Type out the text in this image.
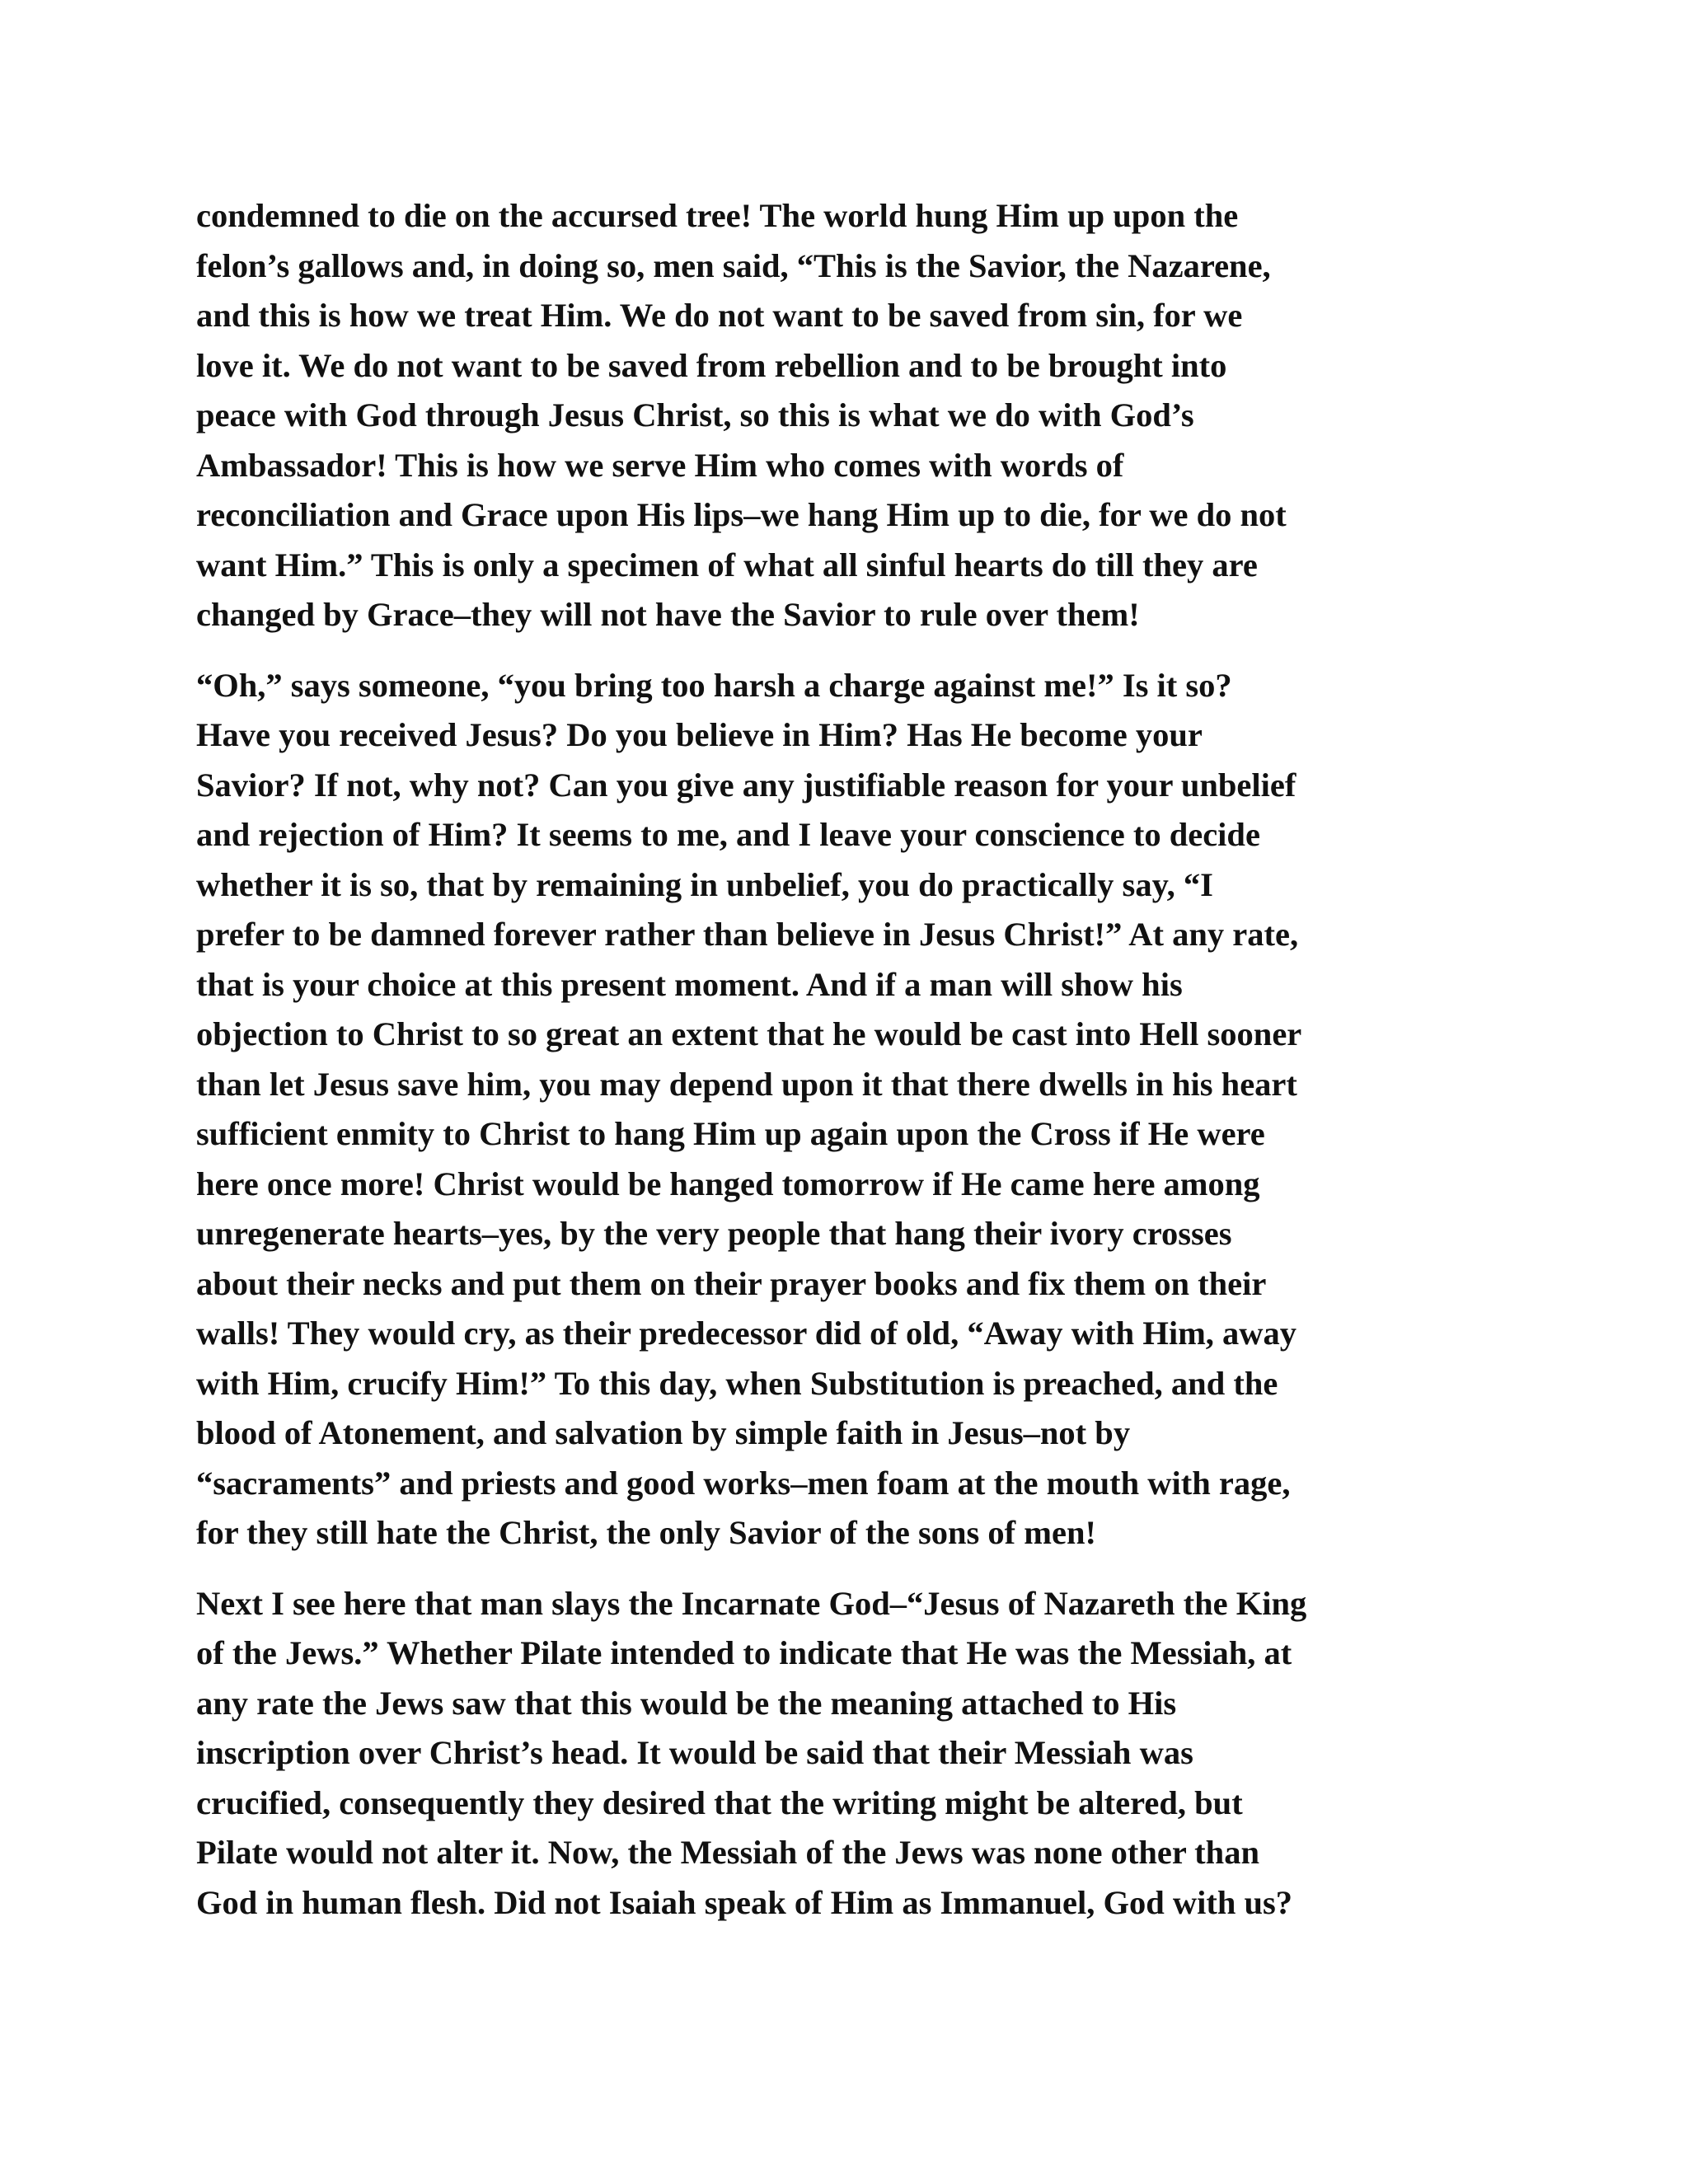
condemned to die on the accursed tree! The world hung Him up upon the
felon’s gallows and, in doing so, men said, “This is the Savior, the Nazarene,
and this is how we treat Him. We do not want to be saved from sin, for we
love it. We do not want to be saved from rebellion and to be brought into
peace with God through Jesus Christ, so this is what we do with God’s
Ambassador! This is how we serve Him who comes with words of
reconciliation and Grace upon His lips–we hang Him up to die, for we do not
want Him.” This is only a specimen of what all sinful hearts do till they are
changed by Grace–they will not have the Savior to rule over them!

“Oh,” says someone, “you bring too harsh a charge against me!” Is it so?
Have you received Jesus? Do you believe in Him? Has He become your
Savior? If not, why not? Can you give any justifiable reason for your unbelief
and rejection of Him? It seems to me, and I leave your conscience to decide
whether it is so, that by remaining in unbelief, you do practically say, “I
prefer to be damned forever rather than believe in Jesus Christ!” At any rate,
that is your choice at this present moment. And if a man will show his
objection to Christ to so great an extent that he would be cast into Hell sooner
than let Jesus save him, you may depend upon it that there dwells in his heart
sufficient enmity to Christ to hang Him up again upon the Cross if He were
here once more! Christ would be hanged tomorrow if He came here among
unregenerate hearts–yes, by the very people that hang their ivory crosses
about their necks and put them on their prayer books and fix them on their
walls! They would cry, as their predecessor did of old, “Away with Him, away
with Him, crucify Him!” To this day, when Substitution is preached, and the
blood of Atonement, and salvation by simple faith in Jesus–not by
“sacraments” and priests and good works–men foam at the mouth with rage,
for they still hate the Christ, the only Savior of the sons of men!

Next I see here that man slays the Incarnate God–“Jesus of Nazareth the King
of the Jews.” Whether Pilate intended to indicate that He was the Messiah, at
any rate the Jews saw that this would be the meaning attached to His
inscription over Christ’s head. It would be said that their Messiah was
crucified, consequently they desired that the writing might be altered, but
Pilate would not alter it. Now, the Messiah of the Jews was none other than
God in human flesh. Did not Isaiah speak of Him as Immanuel, God with us?
